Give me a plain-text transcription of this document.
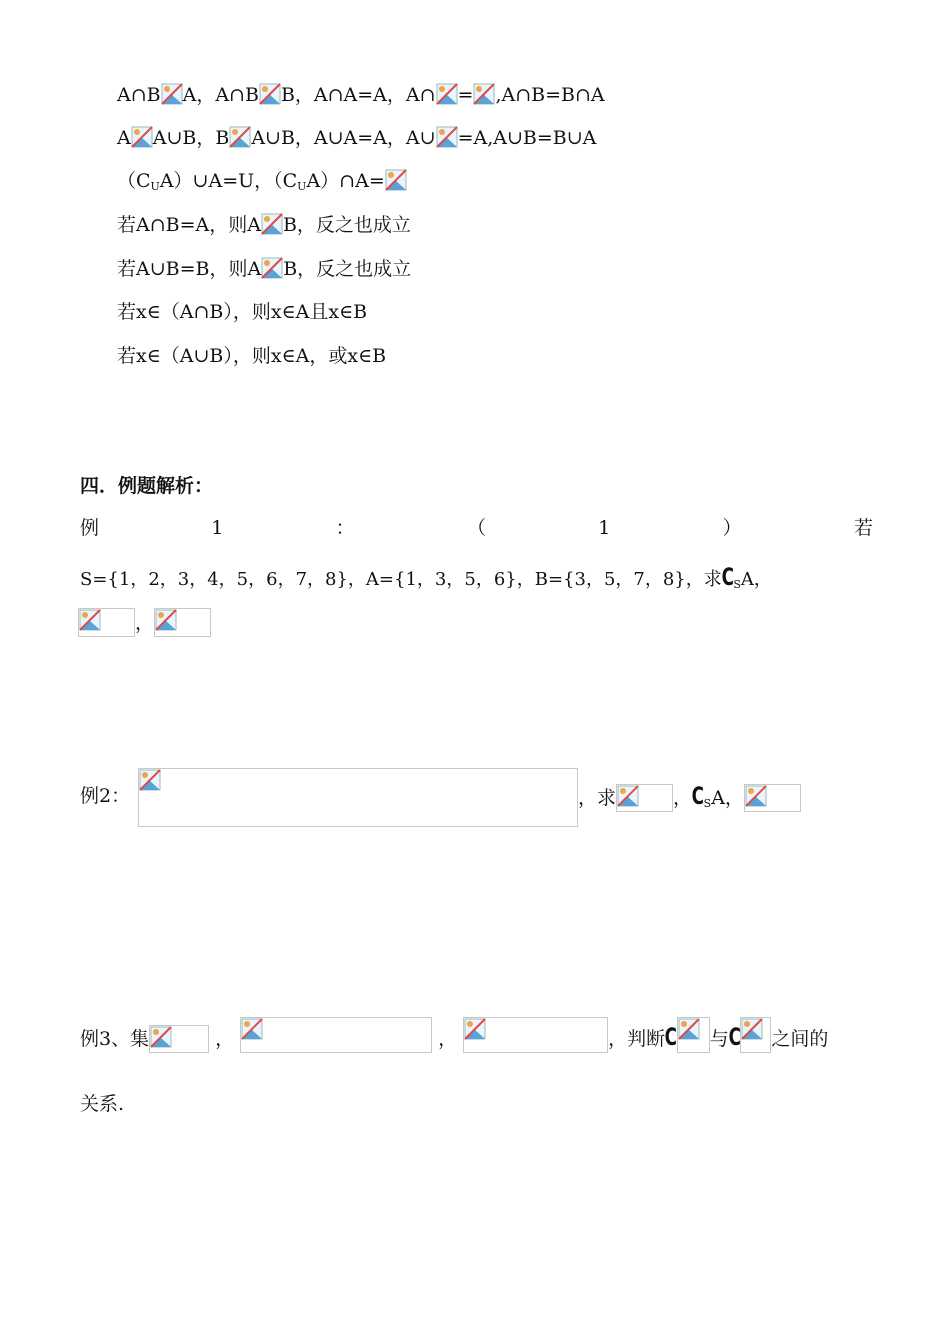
A∩B A，A∩B B，A∩A=A，A∩ = ,A∩B=B∩A
A A∪B，B A∪B，A∪A=A，A∪ =A,A∪B=B∪A
$(C_UA)\cup A=U$，$(C_UA)\cap A=$
若A∩B=A，则A B，反之也成立
若A∪B=B，则A B，反之也成立
若x∈（A∩B），则x∈A且x∈B
若x∈（A∪B），则x∈A，或x∈B
四．例题解析：
例	1	：	（	1	）	若
S={1，2，3，4，5，6，7，8}，A={1，3，5，6}，B={3，5，7，8}，求$C_SA$，
，
例2：	，求	，$C_SA$，
例3、集	，	，	，判断C 与C 之间的
关系.
